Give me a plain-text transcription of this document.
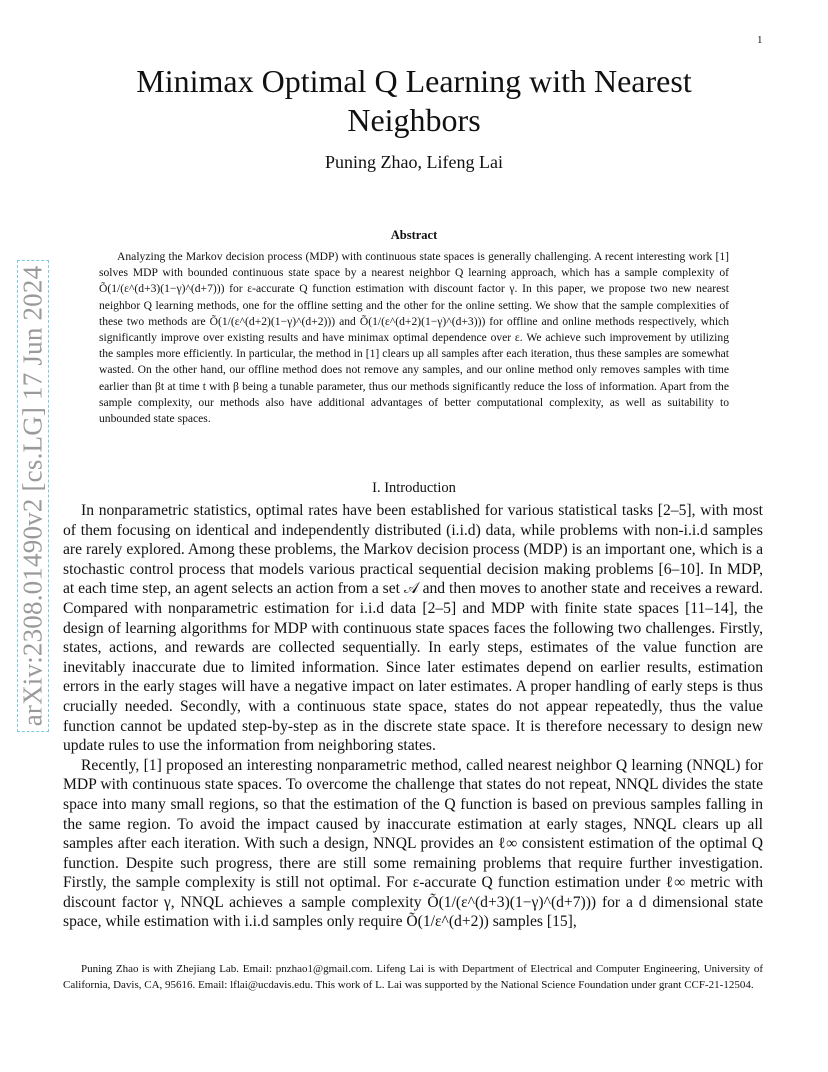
1
arXiv:2308.01490v2 [cs.LG] 17 Jun 2024
Minimax Optimal Q Learning with Nearest Neighbors
Puning Zhao, Lifeng Lai
Abstract

Analyzing the Markov decision process (MDP) with continuous state spaces is generally challenging. A recent interesting work [1] solves MDP with bounded continuous state space by a nearest neighbor Q learning approach, which has a sample complexity of Õ(1/(ε^(d+3)(1−γ)^(d+7))) for ε-accurate Q function estimation with discount factor γ. In this paper, we propose two new nearest neighbor Q learning methods, one for the offline setting and the other for the online setting. We show that the sample complexities of these two methods are Õ(1/(ε^(d+2)(1−γ)^(d+2))) and Õ(1/(ε^(d+2)(1−γ)^(d+3))) for offline and online methods respectively, which significantly improve over existing results and have minimax optimal dependence over ε. We achieve such improvement by utilizing the samples more efficiently. In particular, the method in [1] clears up all samples after each iteration, thus these samples are somewhat wasted. On the other hand, our offline method does not remove any samples, and our online method only removes samples with time earlier than βt at time t with β being a tunable parameter, thus our methods significantly reduce the loss of information. Apart from the sample complexity, our methods also have additional advantages of better computational complexity, as well as suitability to unbounded state spaces.

I. Introduction

In nonparametric statistics, optimal rates have been established for various statistical tasks [2–5], with most of them focusing on identical and independently distributed (i.i.d) data, while problems with non-i.i.d samples are rarely explored. Among these problems, the Markov decision process (MDP) is an important one, which is a stochastic control process that models various practical sequential decision making problems [6–10]. In MDP, at each time step, an agent selects an action from a set 𝒜 and then moves to another state and receives a reward. Compared with nonparametric estimation for i.i.d data [2–5] and MDP with finite state spaces [11–14], the design of learning algorithms for MDP with continuous state spaces faces the following two challenges. Firstly, states, actions, and rewards are collected sequentially. In early steps, estimates of the value function are inevitably inaccurate due to limited information. Since later estimates depend on earlier results, estimation errors in the early stages will have a negative impact on later estimates. A proper handling of early steps is thus crucially needed. Secondly, with a continuous state space, states do not appear repeatedly, thus the value function cannot be updated step-by-step as in the discrete state space. It is therefore necessary to design new update rules to use the information from neighboring states.

Recently, [1] proposed an interesting nonparametric method, called nearest neighbor Q learning (NNQL) for MDP with continuous state spaces. To overcome the challenge that states do not repeat, NNQL divides the state space into many small regions, so that the estimation of the Q function is based on previous samples falling in the same region. To avoid the impact caused by inaccurate estimation at early stages, NNQL clears up all samples after each iteration. With such a design, NNQL provides an ℓ∞ consistent estimation of the optimal Q function. Despite such progress, there are still some remaining problems that require further investigation. Firstly, the sample complexity is still not optimal. For ε-accurate Q function estimation under ℓ∞ metric with discount factor γ, NNQL achieves a sample complexity Õ(1/(ε^(d+3)(1−γ)^(d+7))) for a d dimensional state space, while estimation with i.i.d samples only require Õ(1/ε^(d+2)) samples [15],

Puning Zhao is with Zhejiang Lab. Email: pnzhao1@gmail.com. Lifeng Lai is with Department of Electrical and Computer Engineering, University of California, Davis, CA, 95616. Email: lflai@ucdavis.edu. This work of L. Lai was supported by the National Science Foundation under grant CCF-21-12504.
